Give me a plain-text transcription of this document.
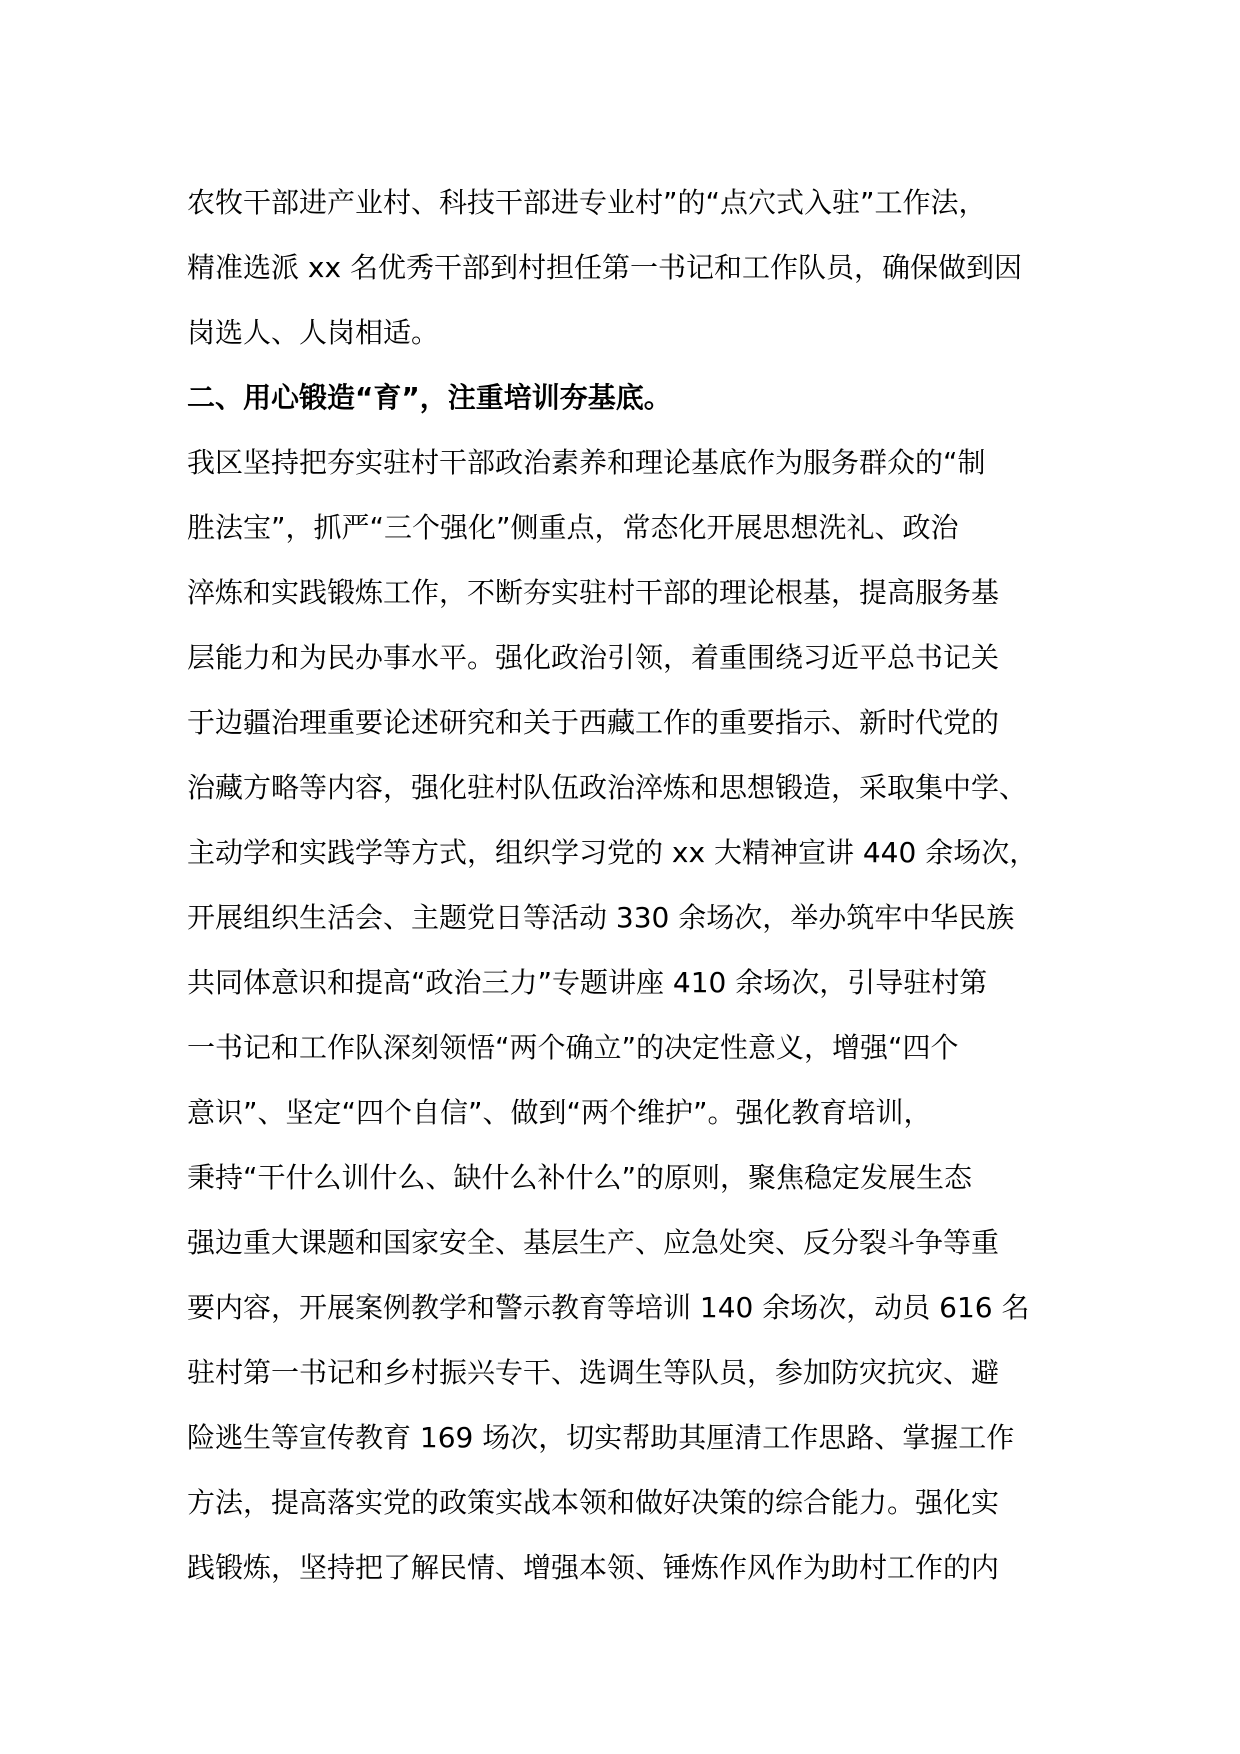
农牧干部进产业村、科技干部进专业村”的“点穴式入驻”工作法，
精准选派 xx 名优秀干部到村担任第一书记和工作队员，确保做到因
岗选人、人岗相适。
二、用心锻造“育”，注重培训夯基底。
我区坚持把夯实驻村干部政治素养和理论基底作为服务群众的“制
胜法宝”，抓严“三个强化”侧重点，常态化开展思想洗礼、政治
淬炼和实践锻炼工作，不断夯实驻村干部的理论根基，提高服务基
层能力和为民办事水平。强化政治引领，着重围绕习近平总书记关
于边疆治理重要论述研究和关于西藏工作的重要指示、新时代党的
治藏方略等内容，强化驻村队伍政治淬炼和思想锻造，采取集中学、
主动学和实践学等方式，组织学习党的 xx 大精神宣讲 440 余场次，
开展组织生活会、主题党日等活动 330 余场次，举办筑牢中华民族
共同体意识和提高“政治三力”专题讲座 410 余场次，引导驻村第
一书记和工作队深刻领悟“两个确立”的决定性意义，增强“四个
意识”、坚定“四个自信”、做到“两个维护”。强化教育培训，
秉持“干什么训什么、缺什么补什么”的原则，聚焦稳定发展生态
强边重大课题和国家安全、基层生产、应急处突、反分裂斗争等重
要内容，开展案例教学和警示教育等培训 140 余场次，动员 616 名
驻村第一书记和乡村振兴专干、选调生等队员，参加防灾抗灾、避
险逃生等宣传教育 169 场次，切实帮助其厘清工作思路、掌握工作
方法，提高落实党的政策实战本领和做好决策的综合能力。强化实
践锻炼，坚持把了解民情、增强本领、锤炼作风作为助村工作的内
